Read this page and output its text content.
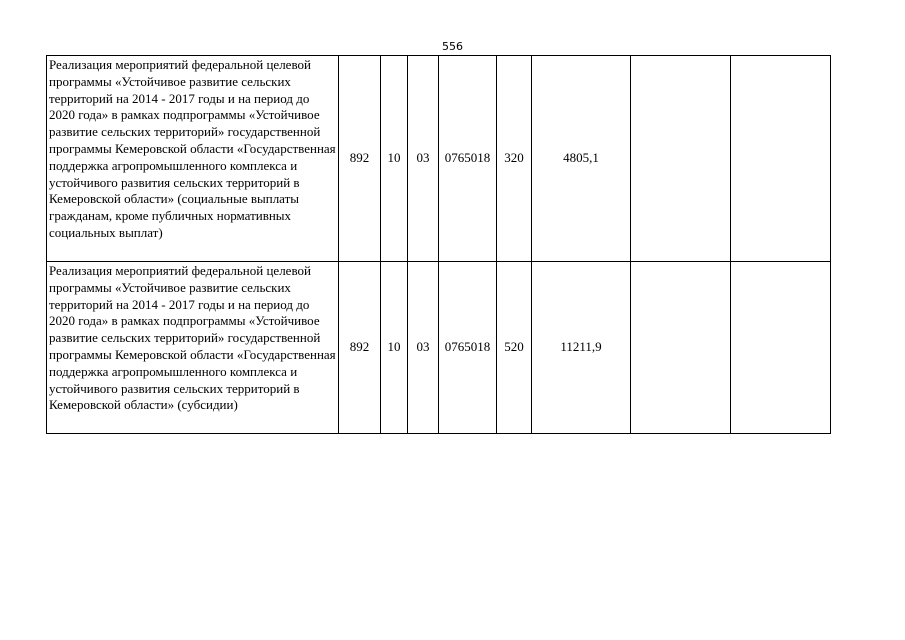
556
Реализация мероприятий федеральной целевой программы «Устойчивое развитие сельских территорий на 2014 - 2017 годы и на период до 2020 года» в рамках подпрограммы «Устойчивое развитие сельских территорий» государственной программы Кемеровской области «Государственная поддержка агропромышленного комплекса и устойчивого развития сельских территорий в Кемеровской области» (социальные выплаты гражданам, кроме публичных нормативных социальных выплат)	892	10	03	0765018	320	4805,1		
Реализация мероприятий федеральной целевой программы «Устойчивое развитие сельских территорий на 2014 - 2017 годы и на период до 2020 года» в рамках подпрограммы «Устойчивое развитие сельских территорий» государственной программы Кемеровской области «Государственная поддержка агропромышленного комплекса и устойчивого развития сельских территорий в Кемеровской области» (субсидии)	892	10	03	0765018	520	11211,9		
